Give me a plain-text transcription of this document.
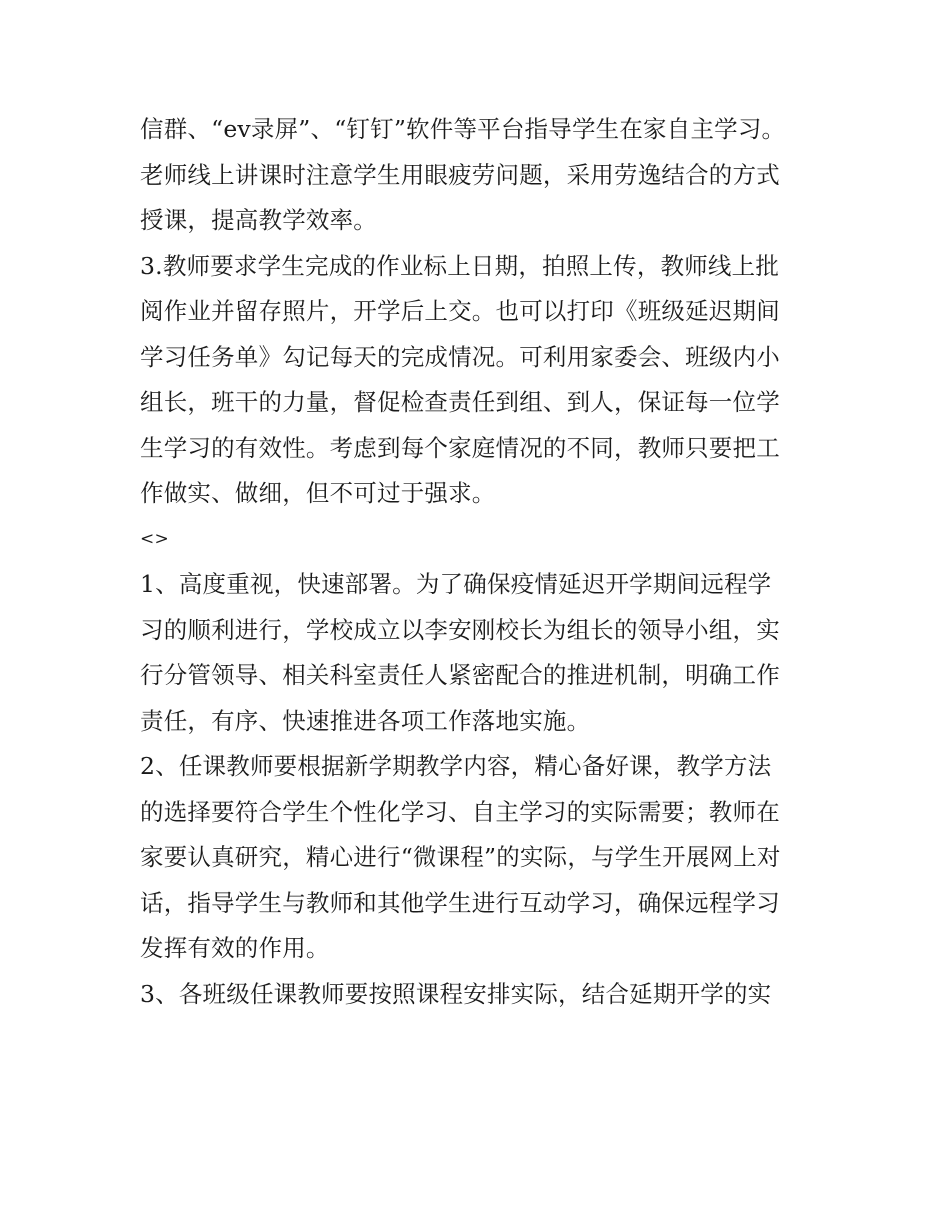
信群、“ev录屏”、“钉钉”软件等平台指导学生在家自主学习。
老师线上讲课时注意学生用眼疲劳问题，采用劳逸结合的方式
授课，提高教学效率。
3.教师要求学生完成的作业标上日期，拍照上传，教师线上批
阅作业并留存照片，开学后上交。也可以打印《班级延迟期间
学习任务单》勾记每天的完成情况。可利用家委会、班级内小
组长，班干的力量，督促检查责任到组、到人，保证每一位学
生学习的有效性。考虑到每个家庭情况的不同，教师只要把工
作做实、做细，但不可过于强求。
<>
1、高度重视，快速部署。为了确保疫情延迟开学期间远程学
习的顺利进行，学校成立以李安刚校长为组长的领导小组，实
行分管领导、相关科室责任人紧密配合的推进机制，明确工作
责任，有序、快速推进各项工作落地实施。
2、任课教师要根据新学期教学内容，精心备好课，教学方法
的选择要符合学生个性化学习、自主学习的实际需要；教师在
家要认真研究，精心进行“微课程”的实际，与学生开展网上对
话，指导学生与教师和其他学生进行互动学习，确保远程学习
发挥有效的作用。
3、各班级任课教师要按照课程安排实际，结合延期开学的实
